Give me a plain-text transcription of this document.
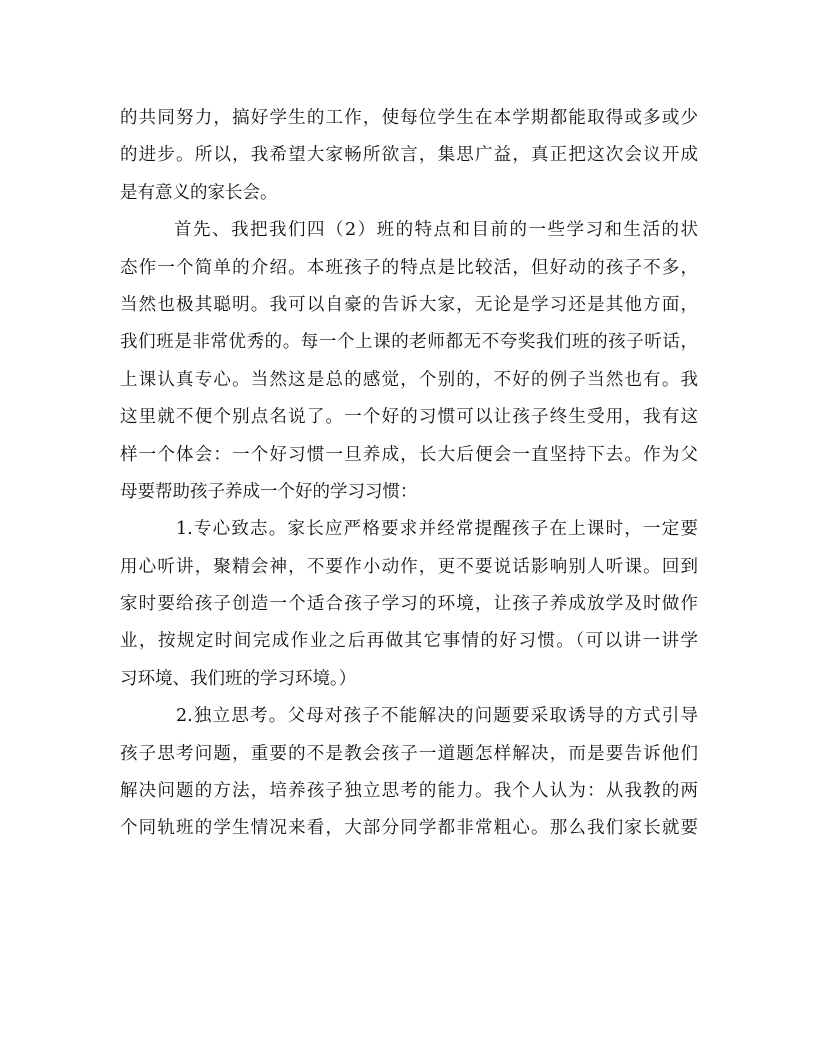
的共同努力，搞好学生的工作，使每位学生在本学期都能取得或多或少
的进步。所以，我希望大家畅所欲言，集思广益，真正把这次会议开成
是有意义的家长会。
首先、我把我们四（2）班的特点和目前的一些学习和生活的状
态作一个简单的介绍。本班孩子的特点是比较活，但好动的孩子不多，
当然也极其聪明。我可以自豪的告诉大家，无论是学习还是其他方面，
我们班是非常优秀的。每一个上课的老师都无不夸奖我们班的孩子听话，
上课认真专心。当然这是总的感觉，个别的，不好的例子当然也有。我
这里就不便个别点名说了。一个好的习惯可以让孩子终生受用，我有这
样一个体会：一个好习惯一旦养成，长大后便会一直坚持下去。作为父
母要帮助孩子养成一个好的学习习惯：
1.专心致志。家长应严格要求并经常提醒孩子在上课时，一定要
用心听讲，聚精会神，不要作小动作，更不要说话影响别人听课。回到
家时要给孩子创造一个适合孩子学习的环境，让孩子养成放学及时做作
业，按规定时间完成作业之后再做其它事情的好习惯。（可以讲一讲学
习环境、我们班的学习环境。）
2.独立思考。父母对孩子不能解决的问题要采取诱导的方式引导
孩子思考问题，重要的不是教会孩子一道题怎样解决，而是要告诉他们
解决问题的方法，培养孩子独立思考的能力。我个人认为：从我教的两
个同轨班的学生情况来看，大部分同学都非常粗心。那么我们家长就要
